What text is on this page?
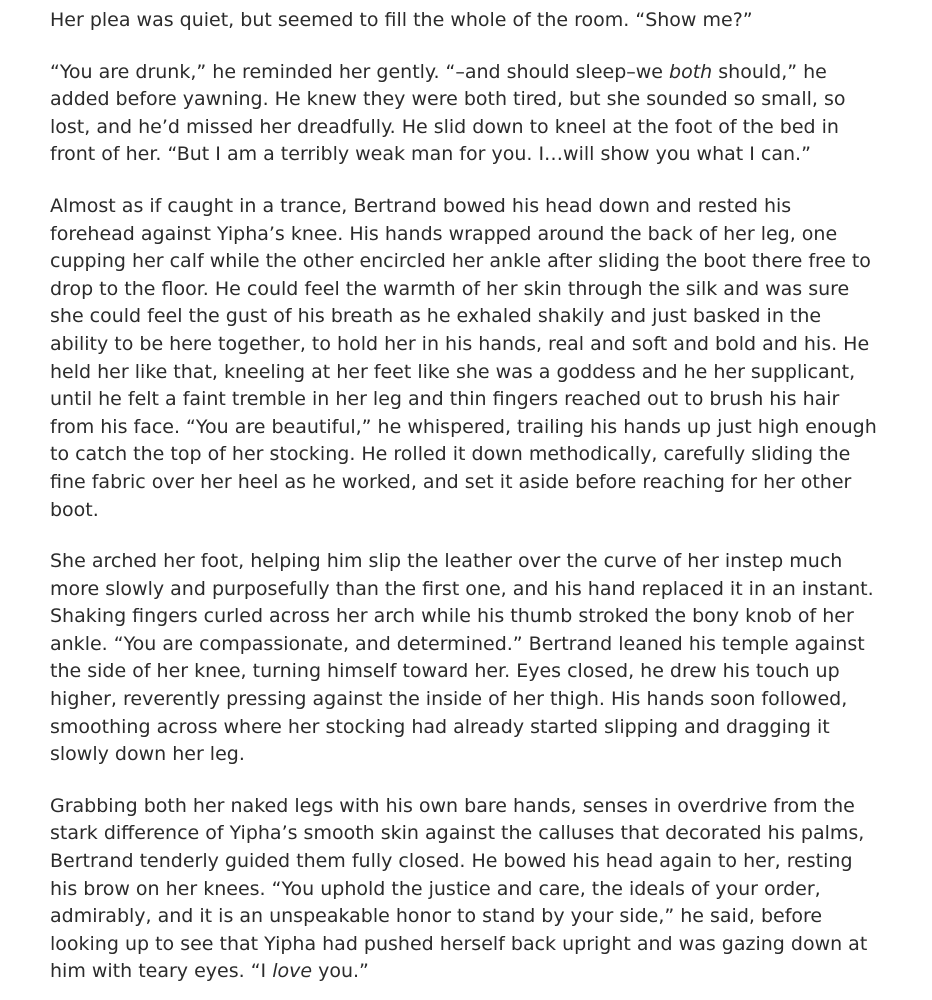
Her plea was quiet, but seemed to fill the whole of the room. “Show me?”

“You are drunk,” he reminded her gently. “–and should sleep–we both should,” he
added before yawning. He knew they were both tired, but she sounded so small, so
lost, and he’d missed her dreadfully. He slid down to kneel at the foot of the bed in
front of her. “But I am a terribly weak man for you. I…will show you what I can.”

Almost as if caught in a trance, Bertrand bowed his head down and rested his
forehead against Yipha’s knee. His hands wrapped around the back of her leg, one
cupping her calf while the other encircled her ankle after sliding the boot there free to
drop to the floor. He could feel the warmth of her skin through the silk and was sure
she could feel the gust of his breath as he exhaled shakily and just basked in the
ability to be here together, to hold her in his hands, real and soft and bold and his. He
held her like that, kneeling at her feet like she was a goddess and he her supplicant,
until he felt a faint tremble in her leg and thin fingers reached out to brush his hair
from his face. “You are beautiful,” he whispered, trailing his hands up just high enough
to catch the top of her stocking. He rolled it down methodically, carefully sliding the
fine fabric over her heel as he worked, and set it aside before reaching for her other
boot.

She arched her foot, helping him slip the leather over the curve of her instep much
more slowly and purposefully than the first one, and his hand replaced it in an instant.
Shaking fingers curled across her arch while his thumb stroked the bony knob of her
ankle. “You are compassionate, and determined.” Bertrand leaned his temple against
the side of her knee, turning himself toward her. Eyes closed, he drew his touch up
higher, reverently pressing against the inside of her thigh. His hands soon followed,
smoothing across where her stocking had already started slipping and dragging it
slowly down her leg.

Grabbing both her naked legs with his own bare hands, senses in overdrive from the
stark difference of Yipha’s smooth skin against the calluses that decorated his palms,
Bertrand tenderly guided them fully closed. He bowed his head again to her, resting
his brow on her knees. “You uphold the justice and care, the ideals of your order,
admirably, and it is an unspeakable honor to stand by your side,” he said, before
looking up to see that Yipha had pushed herself back upright and was gazing down at
him with teary eyes. “I love you.”
